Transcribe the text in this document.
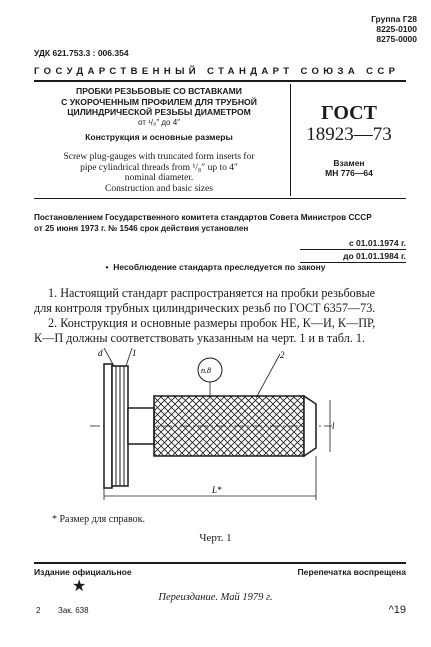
Группа Г28
8225-0100
8275-0000
УДК 621.753.3 : 006.354
ГОСУДАРСТВЕННЫЙ СТАНДАРТ СОЮЗА ССР
ПРОБКИ РЕЗЬБОВЫЕ СО ВСТАВКАМИ
С УКОРОЧЕННЫМ ПРОФИЛЕМ ДЛЯ ТРУБНОЙ
ЦИЛИНДРИЧЕСКОЙ РЕЗЬБЫ ДИАМЕТРОМ
от ¹/₈″ до 4″
Конструкция и основные размеры
Screw plug-gauges with truncated form inserts for
pipe cylindrical threads from ¹/₈″ up to 4″
nominal diameter.
Construction and basic sizes
ГОСТ
18923—73
Взамен
МН 776—64
Постановлением Государственного комитета стандартов Совета Министров СССР
от 25 июня 1973 г. № 1546 срок действия установлен
с 01.01.1974 г.
до 01.01.1984 г.
•  Несоблюдение стандарта преследуется по закону
1. Настоящий стандарт распространяется на пробки резьбовые
для контроля трубных цилиндрических резьб по ГОСТ 6357—73.
2. Конструкция и основные размеры пробок НЕ, К—И, К—ПР,
К—П должны соответствовать указанным на черт. 1 и в табл. 1.
l
L*
d	1	2
п.8
* Размер для справок.
Черт. 1
Издание официальное	Перепечатка воспрещена
★
Переиздание. Май 1979 г.
2 Зак. 638	^19
